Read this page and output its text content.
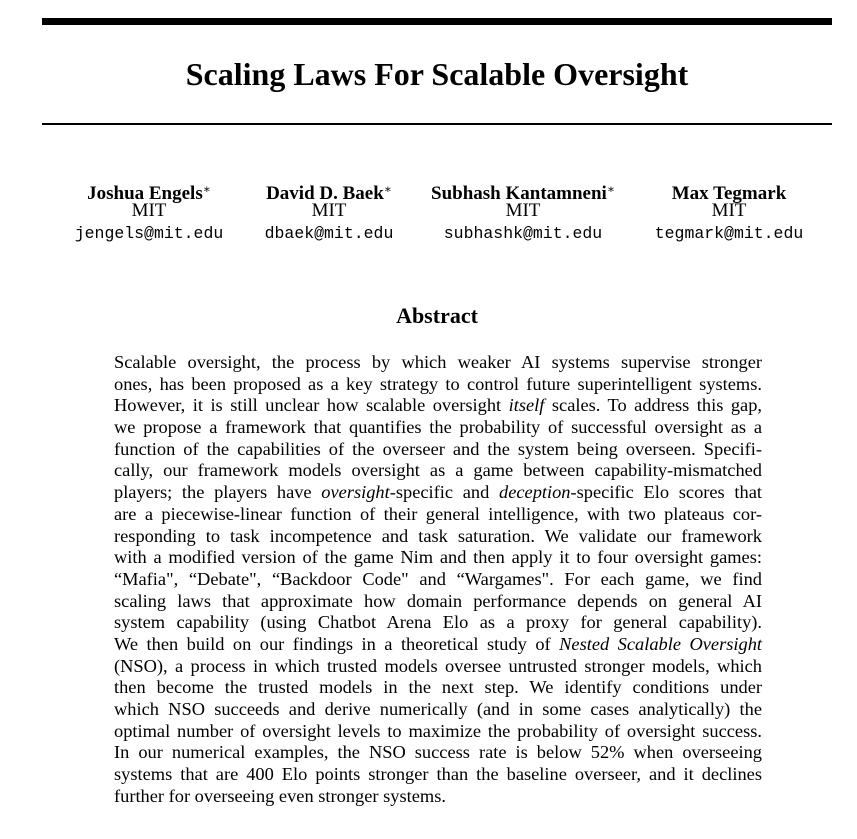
Scaling Laws For Scalable Oversight
Joshua Engels∗
MIT
jengels@mit.edu
David D. Baek∗
MIT
dbaek@mit.edu
Subhash Kantamneni∗
MIT
subhashk@mit.edu
Max Tegmark
MIT
tegmark@mit.edu
Abstract
Scalable oversight, the process by which weaker AI systems supervise stronger
ones, has been proposed as a key strategy to control future superintelligent systems.
However, it is still unclear how scalable oversight itself scales. To address this gap,
we propose a framework that quantifies the probability of successful oversight as a
function of the capabilities of the overseer and the system being overseen. Specifi-
cally, our framework models oversight as a game between capability-mismatched
players; the players have oversight-specific and deception-specific Elo scores that
are a piecewise-linear function of their general intelligence, with two plateaus cor-
responding to task incompetence and task saturation. We validate our framework
with a modified version of the game Nim and then apply it to four oversight games:
“Mafia", “Debate", “Backdoor Code" and “Wargames". For each game, we find
scaling laws that approximate how domain performance depends on general AI
system capability (using Chatbot Arena Elo as a proxy for general capability).
We then build on our findings in a theoretical study of Nested Scalable Oversight
(NSO), a process in which trusted models oversee untrusted stronger models, which
then become the trusted models in the next step. We identify conditions under
which NSO succeeds and derive numerically (and in some cases analytically) the
optimal number of oversight levels to maximize the probability of oversight success.
In our numerical examples, the NSO success rate is below 52% when overseeing
systems that are 400 Elo points stronger than the baseline overseer, and it declines
further for overseeing even stronger systems.
